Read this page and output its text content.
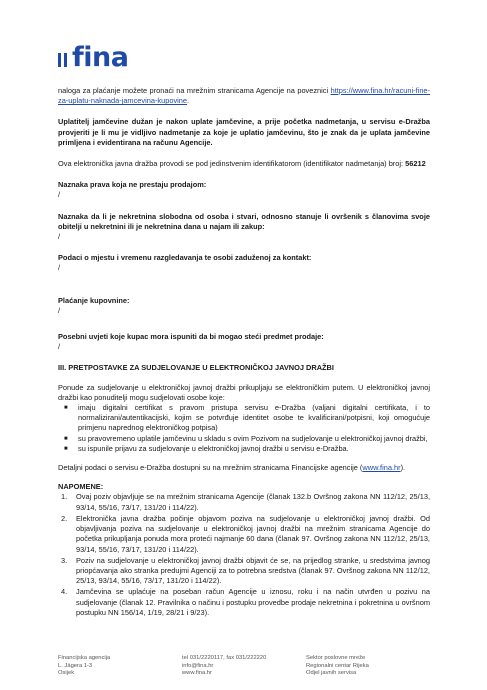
fina

naloga za plaćanje možete pronaći na mrežnim stranicama Agencije na poveznici https://www.fina.hr/racuni-fine-za-uplatu-naknada-jamcevina-kupovine.

Uplatitelj jamčevine dužan je nakon uplate jamčevine, a prije početka nadmetanja, u servisu e-Dražba provjeriti je li mu je vidljivo nadmetanje za koje je uplatio jamčevinu, što je znak da je uplata jamčevine primljena i evidentirana na računu Agencije.

Ova elektronička javna dražba provodi se pod jedinstvenim identifikatorom (identifikator nadmetanja) broj: 56212

Naznaka prava koja ne prestaju prodajom:

/

Naznaka da li je nekretnina slobodna od osoba i stvari, odnosno stanuje li ovršenik s članovima svoje obitelji u nekretnini ili je nekretnina dana u najam ili zakup:

/

Podaci o mjestu i vremenu razgledavanja te osobi zaduženoj za kontakt:

/

Plaćanje kupovnine:

/

Posebni uvjeti koje kupac mora ispuniti da bi mogao steći predmet prodaje:

/

III. PRETPOSTAVKE ZA SUDJELOVANJE U ELEKTRONIČKOJ JAVNOJ DRAŽBI

Ponude za sudjelovanje u elektroničkoj javnoj dražbi prikupljaju se elektroničkim putem. U elektroničkoj javnoj dražbi kao ponuditelji mogu sudjelovati osobe koje:

■ imaju digitalni certifikat s pravom pristupa servisu e-Dražba (valjani digitalni certifikata, i to normalizirani/autentikacijski, kojim se potvrđuje identitet osobe te kvalificirani/potpisni, koji omogućuje primjenu naprednog elektroničkog potpisa)
■ su pravovremeno uplatile jamčevinu u skladu s ovim Pozivom na sudjelovanje u elektroničkoj javnoj dražbi,
■ su ispunile prijavu za sudjelovanje u elektroničkoj javnoj dražbi u servisu e-Dražba.

Detaljni podaci o servisu e-Dražba dostupni su na mrežnim stranicama Financijske agencije (www.fina.hr).

NAPOMENE:

1. Ovaj poziv objavljuje se na mrežnim stranicama Agencije (članak 132.b Ovršnog zakona NN 112/12, 25/13, 93/14, 55/16, 73/17, 131/20 i 114/22).
2. Elektronička javna dražba počinje objavom poziva na sudjelovanje u elektroničkoj javnoj dražbi. Od objavljivanja poziva na sudjelovanje u elektroničkoj javnoj dražbi na mrežnim stranicama Agencije do početka prikupljanja ponuda mora proteći najmanje 60 dana (članak 97. Ovršnog zakona NN 112/12, 25/13, 93/14, 55/16, 73/17, 131/20 i 114/22).
3. Poziv na sudjelovanje u elektroničkoj javnoj dražbi objavit će se, na prijedlog stranke, u sredstvima javnog priopćavanja ako stranka predujmi Agenciji za to potrebna sredstva (članak 97. Ovršnog zakona NN 112/12, 25/13, 93/14, 55/16, 73/17, 131/20 i 114/22).
4. Jamčevina se uplaćuje na poseban račun Agencije u iznosu, roku i na način utvrđen u pozivu na sudjelovanje (članak 12. Pravilnika o načinu i postupku provedbe prodaje nekretnina i pokretnina u ovršnom postupku NN 156/14, 1/19, 28/21 i 9/23).
Financijska agencija
L. Jägera 1-3
Osijek
tel 031/2220117, fax 031/222220
info@fina.hr
www.fina.hr
Sektor poslovne mreže
Regionalni centar Rijeka
Odjel javnih servisa
